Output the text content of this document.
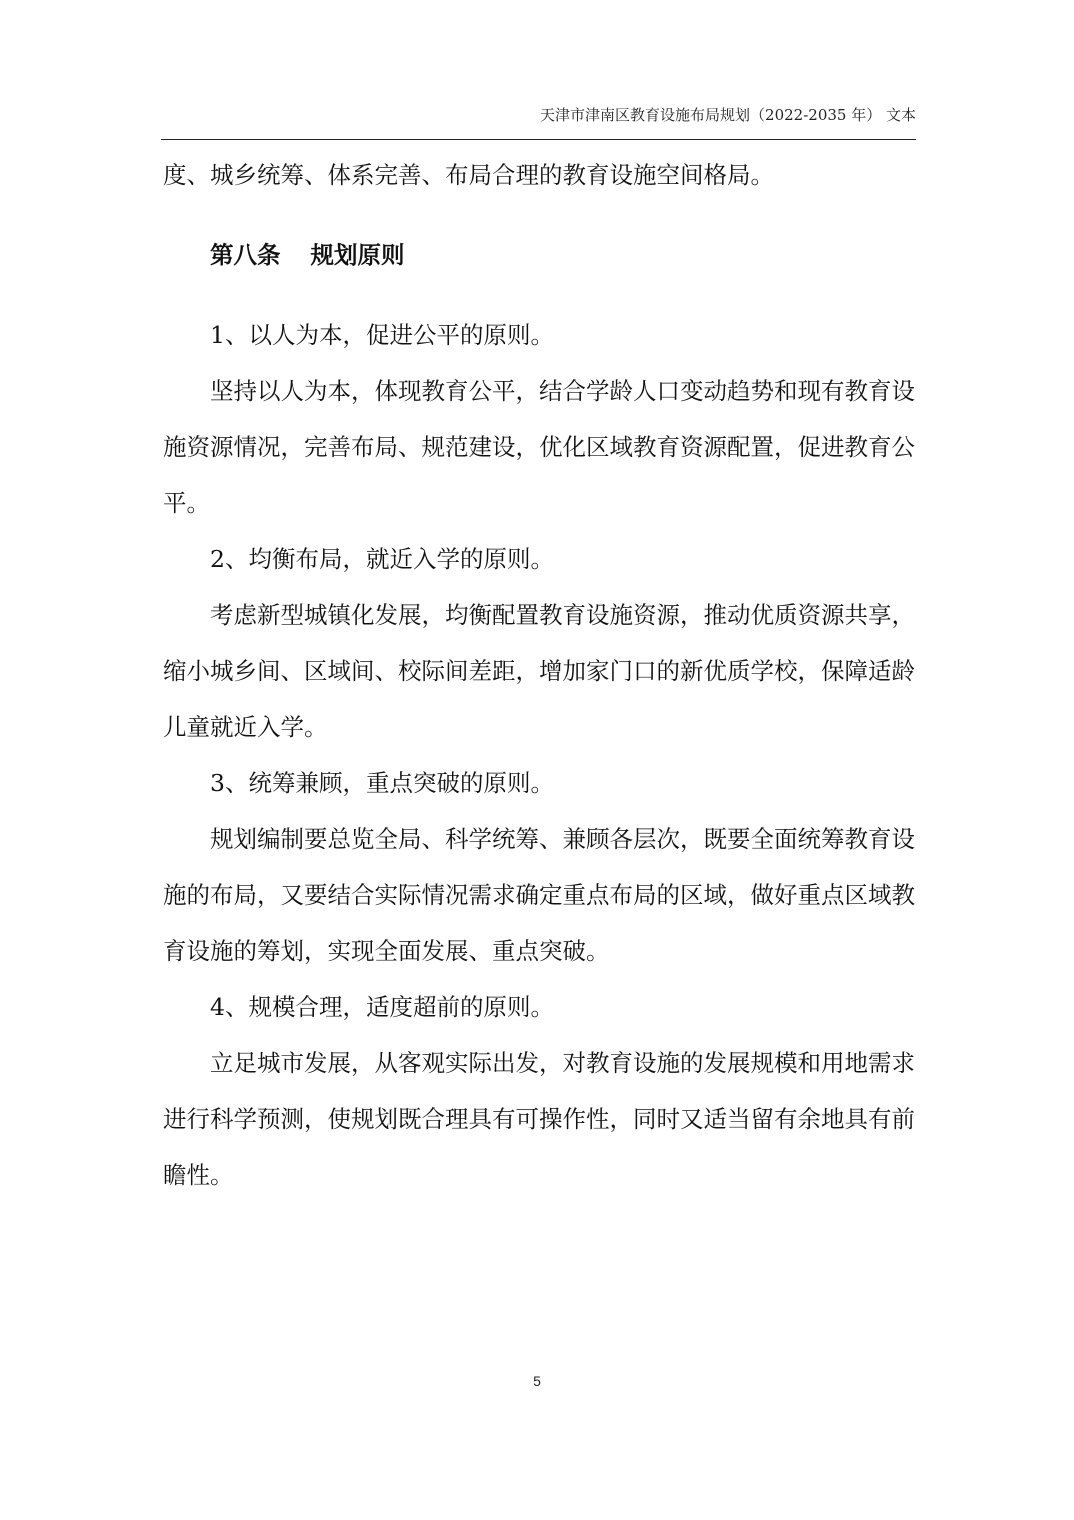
天津市津南区教育设施布局规划（2022-2035 年） 文本

度、城乡统筹、体系完善、布局合理的教育设施空间格局。

第八条 规划原则

1、以人为本，促进公平的原则。

坚持以人为本，体现教育公平，结合学龄人口变动趋势和现有教育设施资源情况，完善布局、规范建设，优化区域教育资源配置，促进教育公平。

2、均衡布局，就近入学的原则。

考虑新型城镇化发展，均衡配置教育设施资源，推动优质资源共享，缩小城乡间、区域间、校际间差距，增加家门口的新优质学校，保障适龄儿童就近入学。

3、统筹兼顾，重点突破的原则。

规划编制要总览全局、科学统筹、兼顾各层次，既要全面统筹教育设施的布局，又要结合实际情况需求确定重点布局的区域，做好重点区域教育设施的筹划，实现全面发展、重点突破。

4、规模合理，适度超前的原则。

立足城市发展，从客观实际出发，对教育设施的发展规模和用地需求进行科学预测，使规划既合理具有可操作性，同时又适当留有余地具有前瞻性。

5
